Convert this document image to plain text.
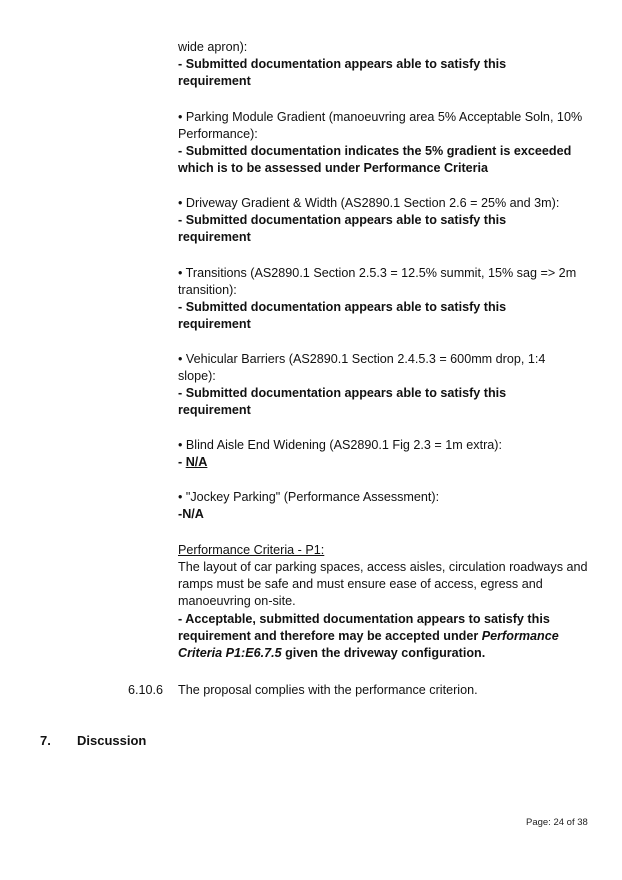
wide apron):
- Submitted documentation appears able to satisfy this
requirement
• Parking Module Gradient (manoeuvring area 5% Acceptable Soln, 10%
Performance):
- Submitted documentation indicates the 5% gradient is exceeded
which is to be assessed under Performance Criteria
• Driveway Gradient & Width (AS2890.1 Section 2.6 = 25% and 3m):
- Submitted documentation appears able to satisfy this
requirement
• Transitions (AS2890.1 Section 2.5.3 = 12.5% summit, 15% sag => 2m
transition):
- Submitted documentation appears able to satisfy this
requirement
• Vehicular Barriers (AS2890.1 Section 2.4.5.3 = 600mm drop, 1:4
slope):
- Submitted documentation appears able to satisfy this
requirement
• Blind Aisle End Widening (AS2890.1 Fig 2.3 = 1m extra):
- N/A
• "Jockey Parking" (Performance Assessment):
-N/A
Performance Criteria - P1:
The layout of car parking spaces, access aisles, circulation roadways and
ramps must be safe and must ensure ease of access, egress and
manoeuvring on-site.
- Acceptable, submitted documentation appears to satisfy this
requirement and therefore may be accepted under Performance
Criteria P1:E6.7.5 given the driveway configuration.
6.10.6 The proposal complies with the performance criterion.
7. Discussion
Page: 24 of 38
